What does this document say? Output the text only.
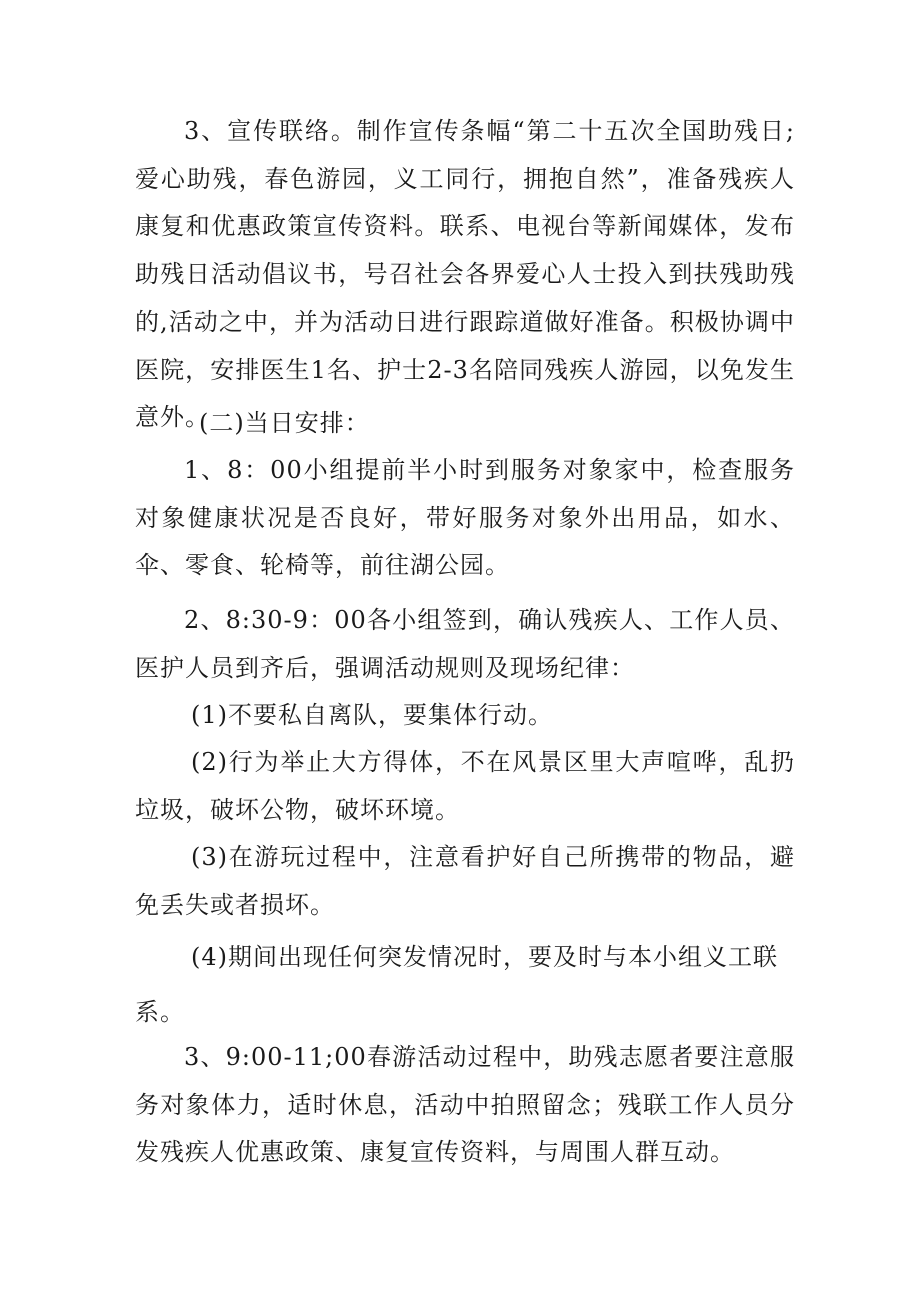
3、宣传联络。制作宣传条幅“第二十五次全国助残日;爱心助残，春色游园，义工同行，拥抱自然”，准备残疾人康复和优惠政策宣传资料。联系、电视台等新闻媒体，发布助残日活动倡议书，号召社会各界爱心人士投入到扶残助残的,活动之中，并为活动日进行跟踪道做好准备。积极协调中医院，安排医生1名、护士2-3名陪同残疾人游园，以免发生意外。

(二)当日安排：

1、8：00小组提前半小时到服务对象家中，检查服务对象健康状况是否良好，带好服务对象外出用品，如水、伞、零食、轮椅等，前往湖公园。

2、8:30-9：00各小组签到，确认残疾人、工作人员、医护人员到齐后，强调活动规则及现场纪律：

(1)不要私自离队，要集体行动。

(2)行为举止大方得体，不在风景区里大声喧哗，乱扔垃圾，破坏公物，破坏环境。

(3)在游玩过程中，注意看护好自己所携带的物品，避免丢失或者损坏。

(4)期间出现任何突发情况时，要及时与本小组义工联

系。

3、9:00-11;00春游活动过程中，助残志愿者要注意服务对象体力，适时休息，活动中拍照留念；残联工作人员分发残疾人优惠政策、康复宣传资料，与周围人群互动。
